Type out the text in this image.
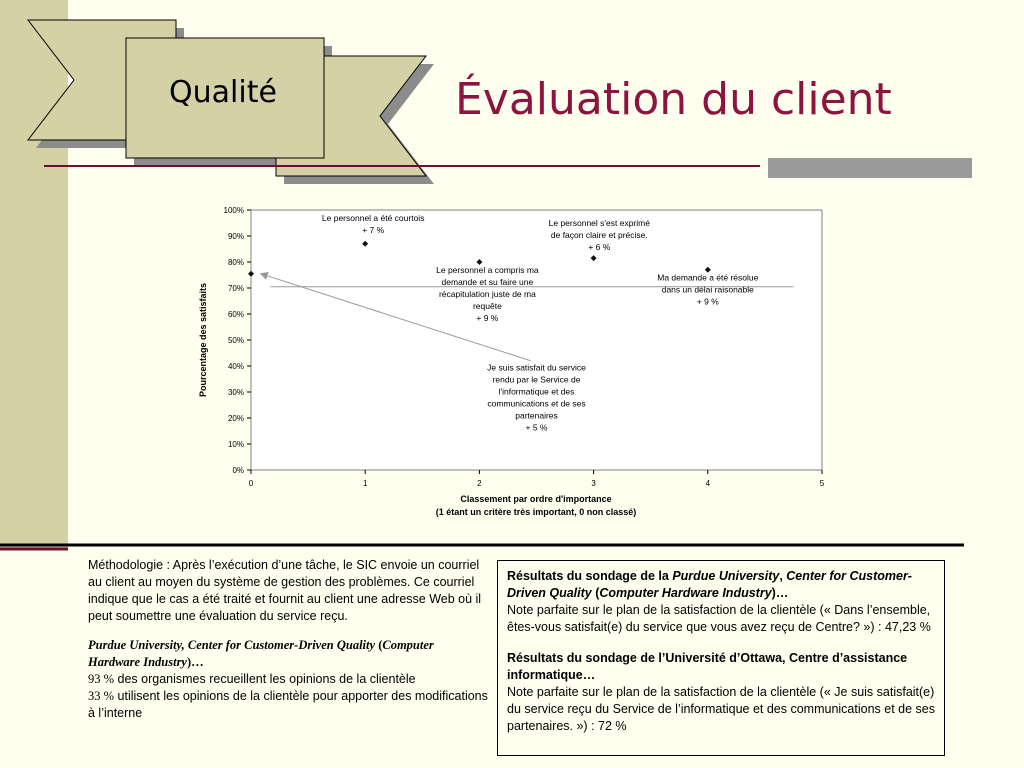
Qualité	Évaluation du client
0%
10%
20%
30%
40%
50%
60%
70%
80%
90%
100%
0	1	2	3	4	5
Le personnel a été courtois + 7 %
Le personnel s'est exprimé de façon claire et précise. + 6 %
Le personnel a compris ma demande et su faire une récapitulation juste de ma requête + 9 %
Ma demande a été résolue dans un délai raisonable + 9 %
Je suis satisfait du service rendu par le Service de l'informatique et des communications et de ses partenaires + 5 %
Classement par ordre d'importance
(1 étant un critère très important, 0 non classé)
Pourcentage des satisfaits

Méthodologie : Après l’exécution d’une tâche, le SIC envoie un courriel au client au moyen du système de gestion des problèmes. Ce courriel indique que le cas a été traité et fournit au client une adresse Web où il peut soumettre une évaluation du service reçu.

Purdue University, Center for Customer-Driven Quality (Computer Hardware Industry)…
93 % des organismes recueillent les opinions de la clientèle
33 % utilisent les opinions de la clientèle pour apporter des modifications à l’interne

Résultats du sondage de la Purdue University, Center for Customer-Driven Quality (Computer Hardware Industry)…
Note parfaite sur le plan de la satisfaction de la clientèle (« Dans l’ensemble, êtes-vous satisfait(e) du service que vous avez reçu de Centre? ») : 47,23 %

Résultats du sondage de l’Université d’Ottawa, Centre d’assistance informatique…
Note parfaite sur le plan de la satisfaction de la clientèle (« Je suis satisfait(e) du service reçu du Service de l’informatique et des communications et de ses partenaires. ») : 72 %
